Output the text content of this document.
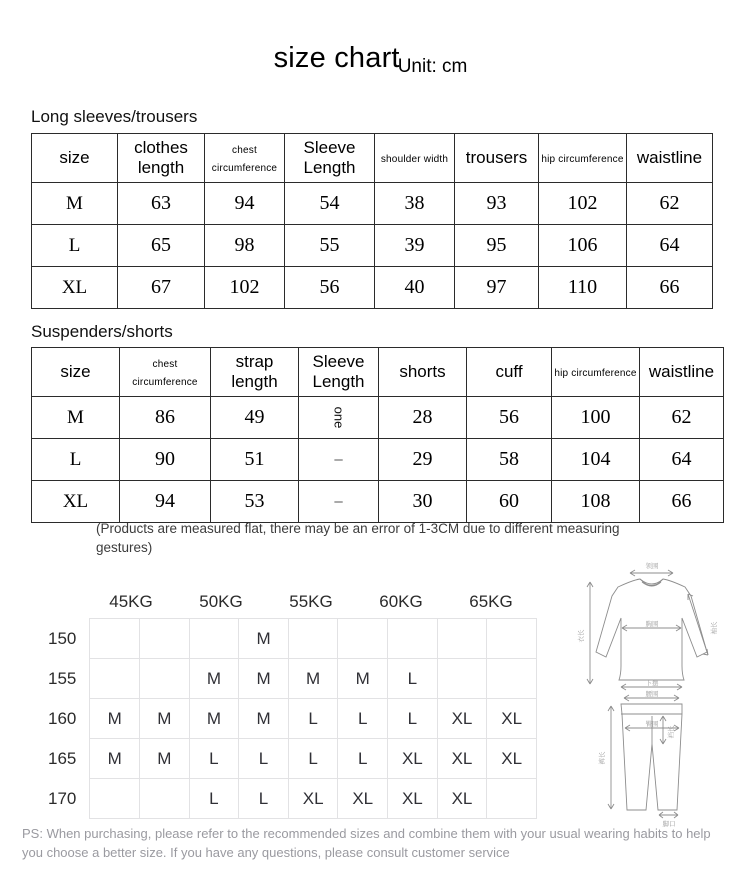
size chartUnit: cm
Long sleeves/trousers
size	clothes length	chest circumference	Sleeve Length	shoulder width	trousers	hip circumference	waistline
M	63	94	54	38	93	102	62
L	65	98	55	39	95	106	64
XL	67	102	56	40	97	110	66
Suspenders/shorts
size	chest circumference	strap length	Sleeve Length	shorts	cuff	hip circumference	waistline
M	86	49	one	28	56	100	62
L	90	51	–	29	58	104	64
XL	94	53	–	30	60	108	66
(Products are measured flat, there may be an error of 1-3CM due to different measuring gestures)
45KG	50KG	55KG	60KG	65KG
150				M					
155			M	M	M	M	L		
160	M	M	M	M	L	L	L	XL	XL
165	M	M	L	L	L	L	XL	XL	XL
170			L	L	XL	XL	XL	XL	
PS: When purchasing, please refer to the recommended sizes and combine them with your usual wearing habits to help you choose a better size. If you have any questions, please consult customer service
领围
胸围
衣长
袖长
下摆
腰围
臀围
裤长
裆长
脚口
